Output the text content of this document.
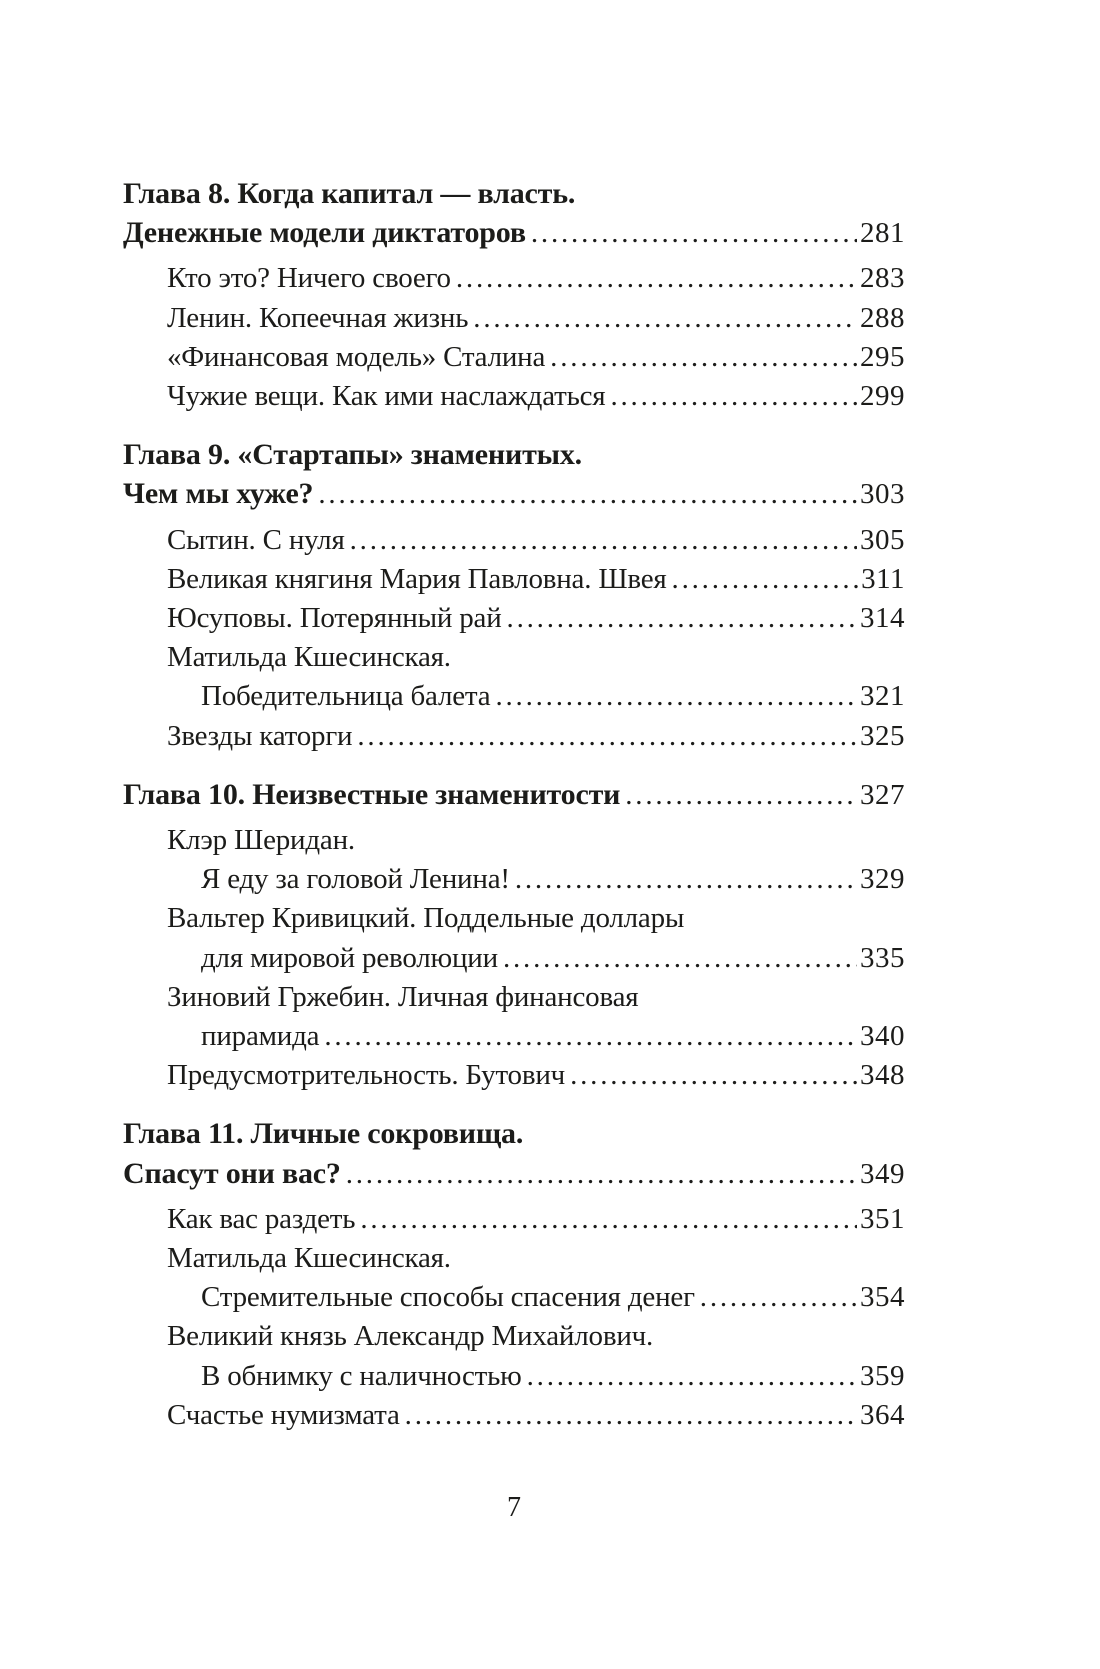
Глава 8. Когда капитал — власть.
Денежные модели диктаторов .....	281
Кто это? Ничего своего .....	283
Ленин. Копеечная жизнь .....	288
«Финансовая модель» Сталина .....	295
Чужие вещи. Как ими наслаждаться .....	299
Глава 9. «Стартапы» знаменитых.
Чем мы хуже? .....	303
Сытин. С нуля .....	305
Великая княгиня Мария Павловна. Швея .....	311
Юсуповы. Потерянный рай .....	314
Матильда Кшесинская.
Победительница балета .....	321
Звезды каторги .....	325
Глава 10. Неизвестные знаменитости .....	327
Клэр Шеридан.
Я еду за головой Ленина! .....	329
Вальтер Кривицкий. Поддельные доллары
для мировой революции .....	335
Зиновий Гржебин. Личная финансовая
пирамида .....	340
Предусмотрительность. Бутович .....	348
Глава 11. Личные сокровища.
Спасут они вас? .....	349
Как вас раздеть .....	351
Матильда Кшесинская.
Стремительные способы спасения денег .....	354
Великий князь Александр Михайлович.
В обнимку с наличностью .....	359
Счастье нумизмата .....	364
7
